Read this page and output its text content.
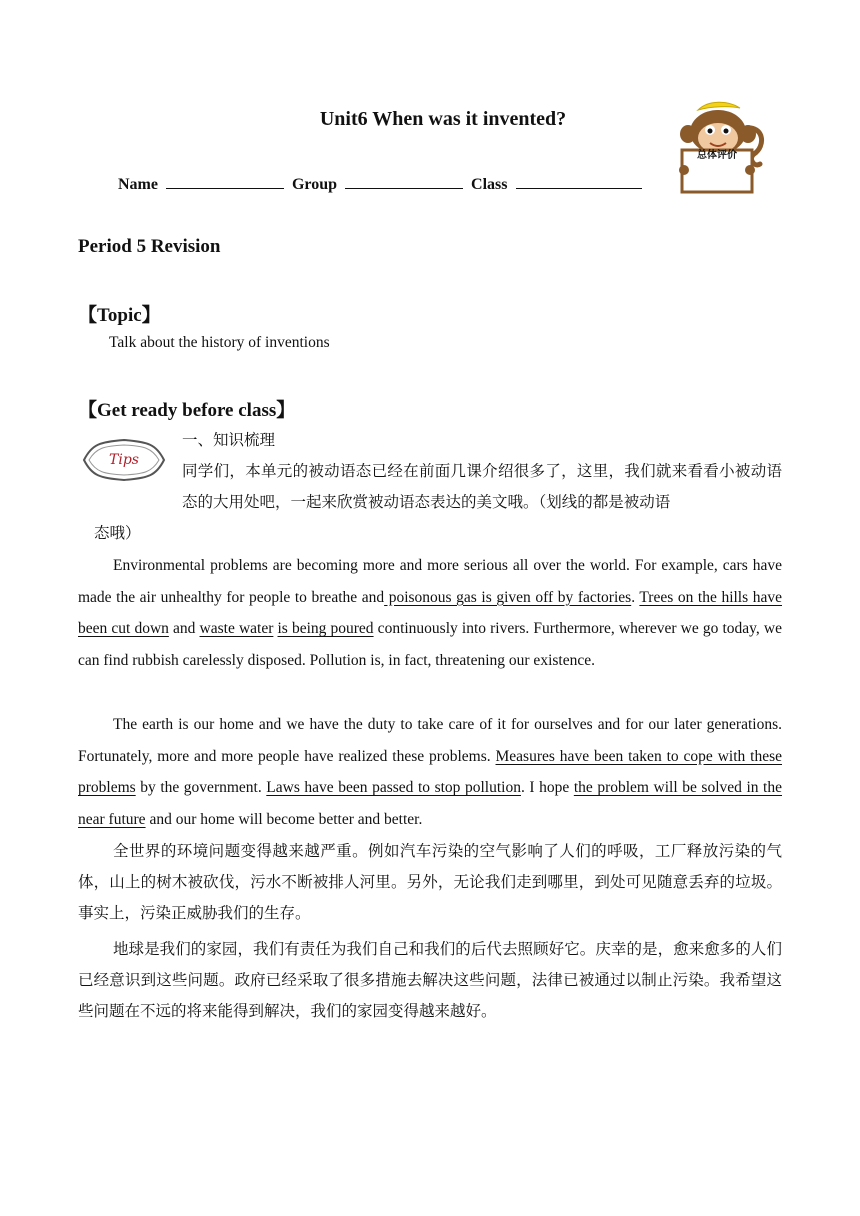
Unit6 When was it invented?
总体评价
Name	Group	Class
Period 5 Revision
【Topic】
Talk about the history of inventions
【Get ready before class】
Tips
一、知识梳理
同学们，本单元的被动语态已经在前面几课介绍很多了，这里，我们就来看看小被动语态的大用处吧，一起来欣赏被动语态表达的美文哦。（划线的都是被动语
态哦）
Environmental problems are becoming more and more serious all over the world. For example, cars have made the air unhealthy for people to breathe and poisonous gas is given off by factories. Trees on the hills have been cut down and waste water is being poured continuously into rivers. Furthermore, wherever we go today, we can find rubbish carelessly disposed. Pollution is, in fact, threatening our existence.
The earth is our home and we have the duty to take care of it for ourselves and for our later generations. Fortunately, more and more people have realized these problems. Measures have been taken to cope with these problems by the government. Laws have been passed to stop pollution. I hope the problem will be solved in the near future and our home will become better and better.
全世界的环境问题变得越来越严重。例如汽车污染的空气影响了人们的呼吸，工厂释放污染的气体，山上的树木被砍伐，污水不断被排人河里。另外，无论我们走到哪里，到处可见随意丢弃的垃圾。事实上，污染正威胁我们的生存。
地球是我们的家园，我们有责任为我们自己和我们的后代去照顾好它。庆幸的是，愈来愈多的人们已经意识到这些问题。政府已经采取了很多措施去解决这些问题，法律已被通过以制止污染。我希望这些问题在不远的将来能得到解决，我们的家园变得越来越好。
